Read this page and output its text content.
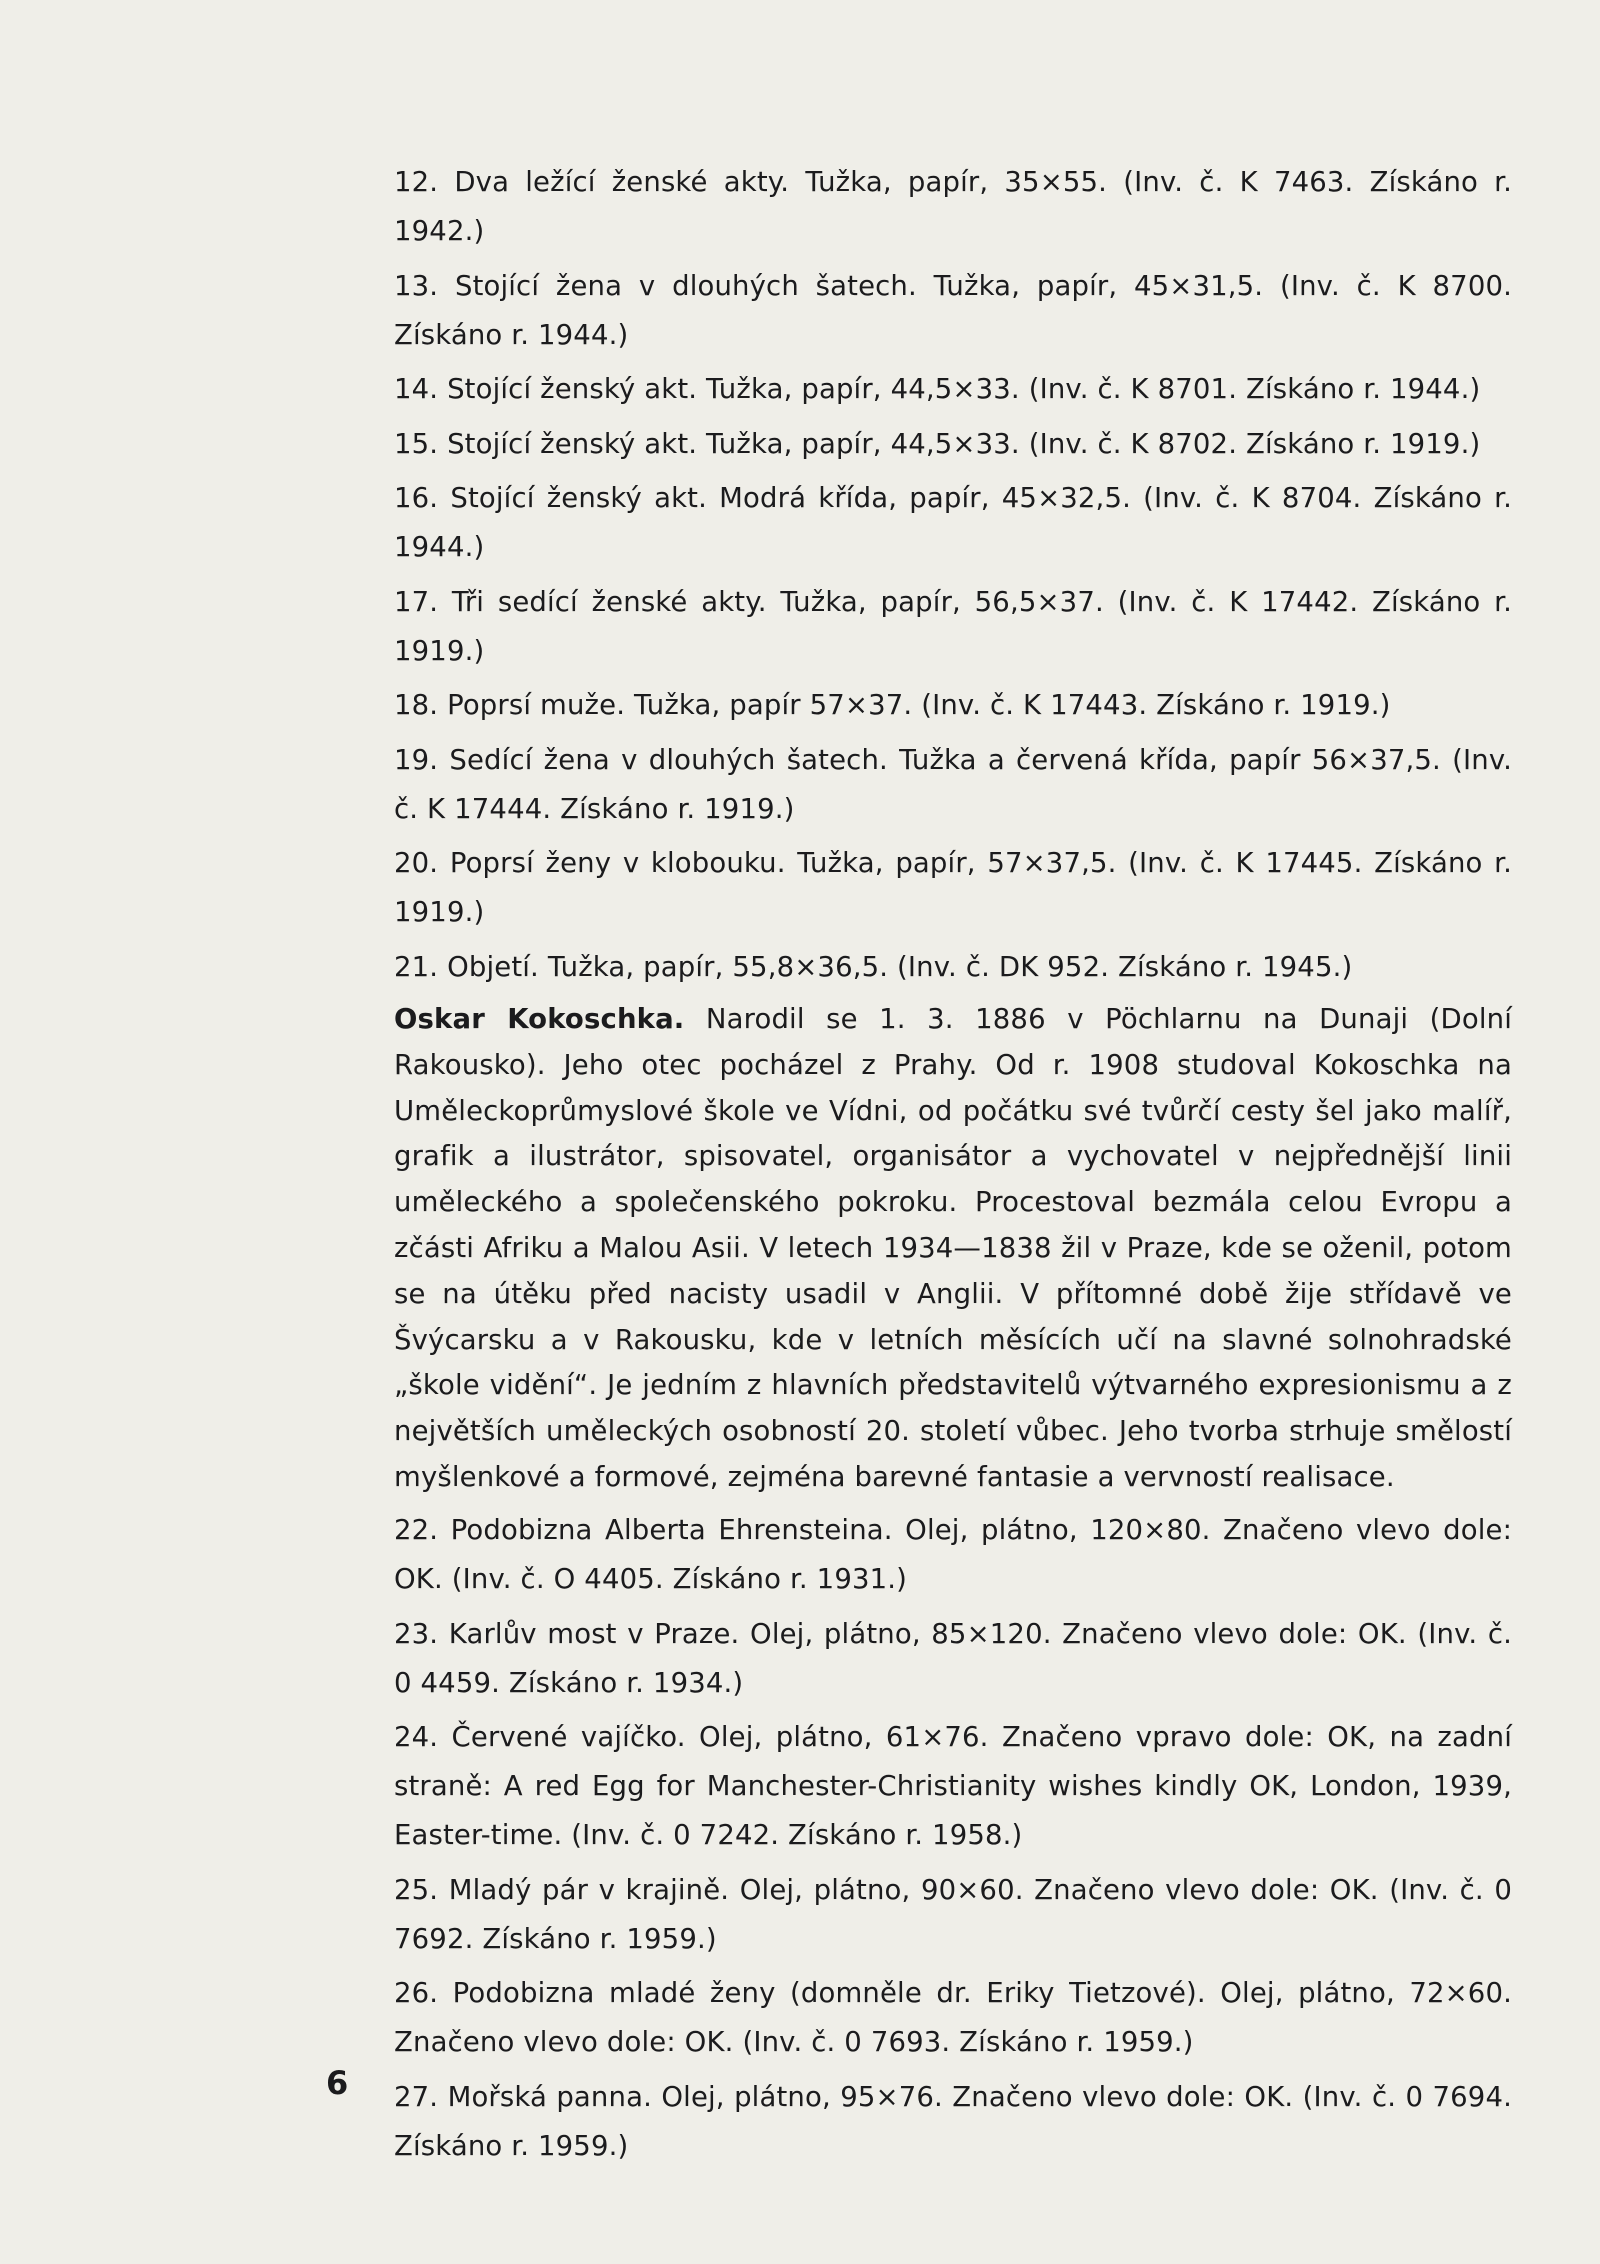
12. Dva ležící ženské akty. Tužka, papír, 35×55. (Inv. č. K 7463. Získáno r. 1942.)

13. Stojící žena v dlouhých šatech. Tužka, papír, 45×31,5. (Inv. č. K 8700. Získáno r. 1944.)

14. Stojící ženský akt. Tužka, papír, 44,5×33. (Inv. č. K 8701. Získáno r. 1944.)

15. Stojící ženský akt. Tužka, papír, 44,5×33. (Inv. č. K 8702. Získáno r. 1919.)

16. Stojící ženský akt. Modrá křída, papír, 45×32,5. (Inv. č. K 8704. Získáno r. 1944.)

17. Tři sedící ženské akty. Tužka, papír, 56,5×37. (Inv. č. K 17442. Získáno r. 1919.)

18. Poprsí muže. Tužka, papír 57×37. (Inv. č. K 17443. Získáno r. 1919.)

19. Sedící žena v dlouhých šatech. Tužka a červená křída, papír 56×37,5. (Inv. č. K 17444. Získáno r. 1919.)

20. Poprsí ženy v klobouku. Tužka, papír, 57×37,5. (Inv. č. K 17445. Získáno r. 1919.)

21. Objetí. Tužka, papír, 55,8×36,5. (Inv. č. DK 952. Získáno r. 1945.)

Oskar Kokoschka. Narodil se 1. 3. 1886 v Pöchlarnu na Dunaji (Dolní Rakousko). Jeho otec pocházel z Prahy. Od r. 1908 studoval Kokoschka na Uměleckoprůmyslové škole ve Vídni, od počátku své tvůrčí cesty šel jako malíř, grafik a ilustrátor, spisovatel, organisátor a vychovatel v nejpřednější linii uměleckého a společenského pokroku. Procestoval bezmála celou Evropu a zčásti Afriku a Malou Asii. V letech 1934—1838 žil v Praze, kde se oženil, potom se na útěku před nacisty usadil v Anglii. V přítomné době žije střídavě ve Švýcarsku a v Rakousku, kde v letních měsících učí na slavné solnohradské „škole vidění“. Je jedním z hlavních představitelů výtvarného expresionismu a z největších uměleckých osobností 20. století vůbec. Jeho tvorba strhuje smělostí myšlenkové a formové, zejména barevné fantasie a vervností realisace.

22. Podobizna Alberta Ehrensteina. Olej, plátno, 120×80. Značeno vlevo dole: OK. (Inv. č. O 4405. Získáno r. 1931.)

23. Karlův most v Praze. Olej, plátno, 85×120. Značeno vlevo dole: OK. (Inv. č. 0 4459. Získáno r. 1934.)

24. Červené vajíčko. Olej, plátno, 61×76. Značeno vpravo dole: OK, na zadní straně: A red Egg for Manchester-Christianity wishes kindly OK, London, 1939, Easter-time. (Inv. č. 0 7242. Získáno r. 1958.)

25. Mladý pár v krajině. Olej, plátno, 90×60. Značeno vlevo dole: OK. (Inv. č. 0 7692. Získáno r. 1959.)

26. Podobizna mladé ženy (domněle dr. Eriky Tietzové). Olej, plátno, 72×60. Značeno vlevo dole: OK. (Inv. č. 0 7693. Získáno r. 1959.)

27. Mořská panna. Olej, plátno, 95×76. Značeno vlevo dole: OK. (Inv. č. 0 7694. Získáno r. 1959.)

6
